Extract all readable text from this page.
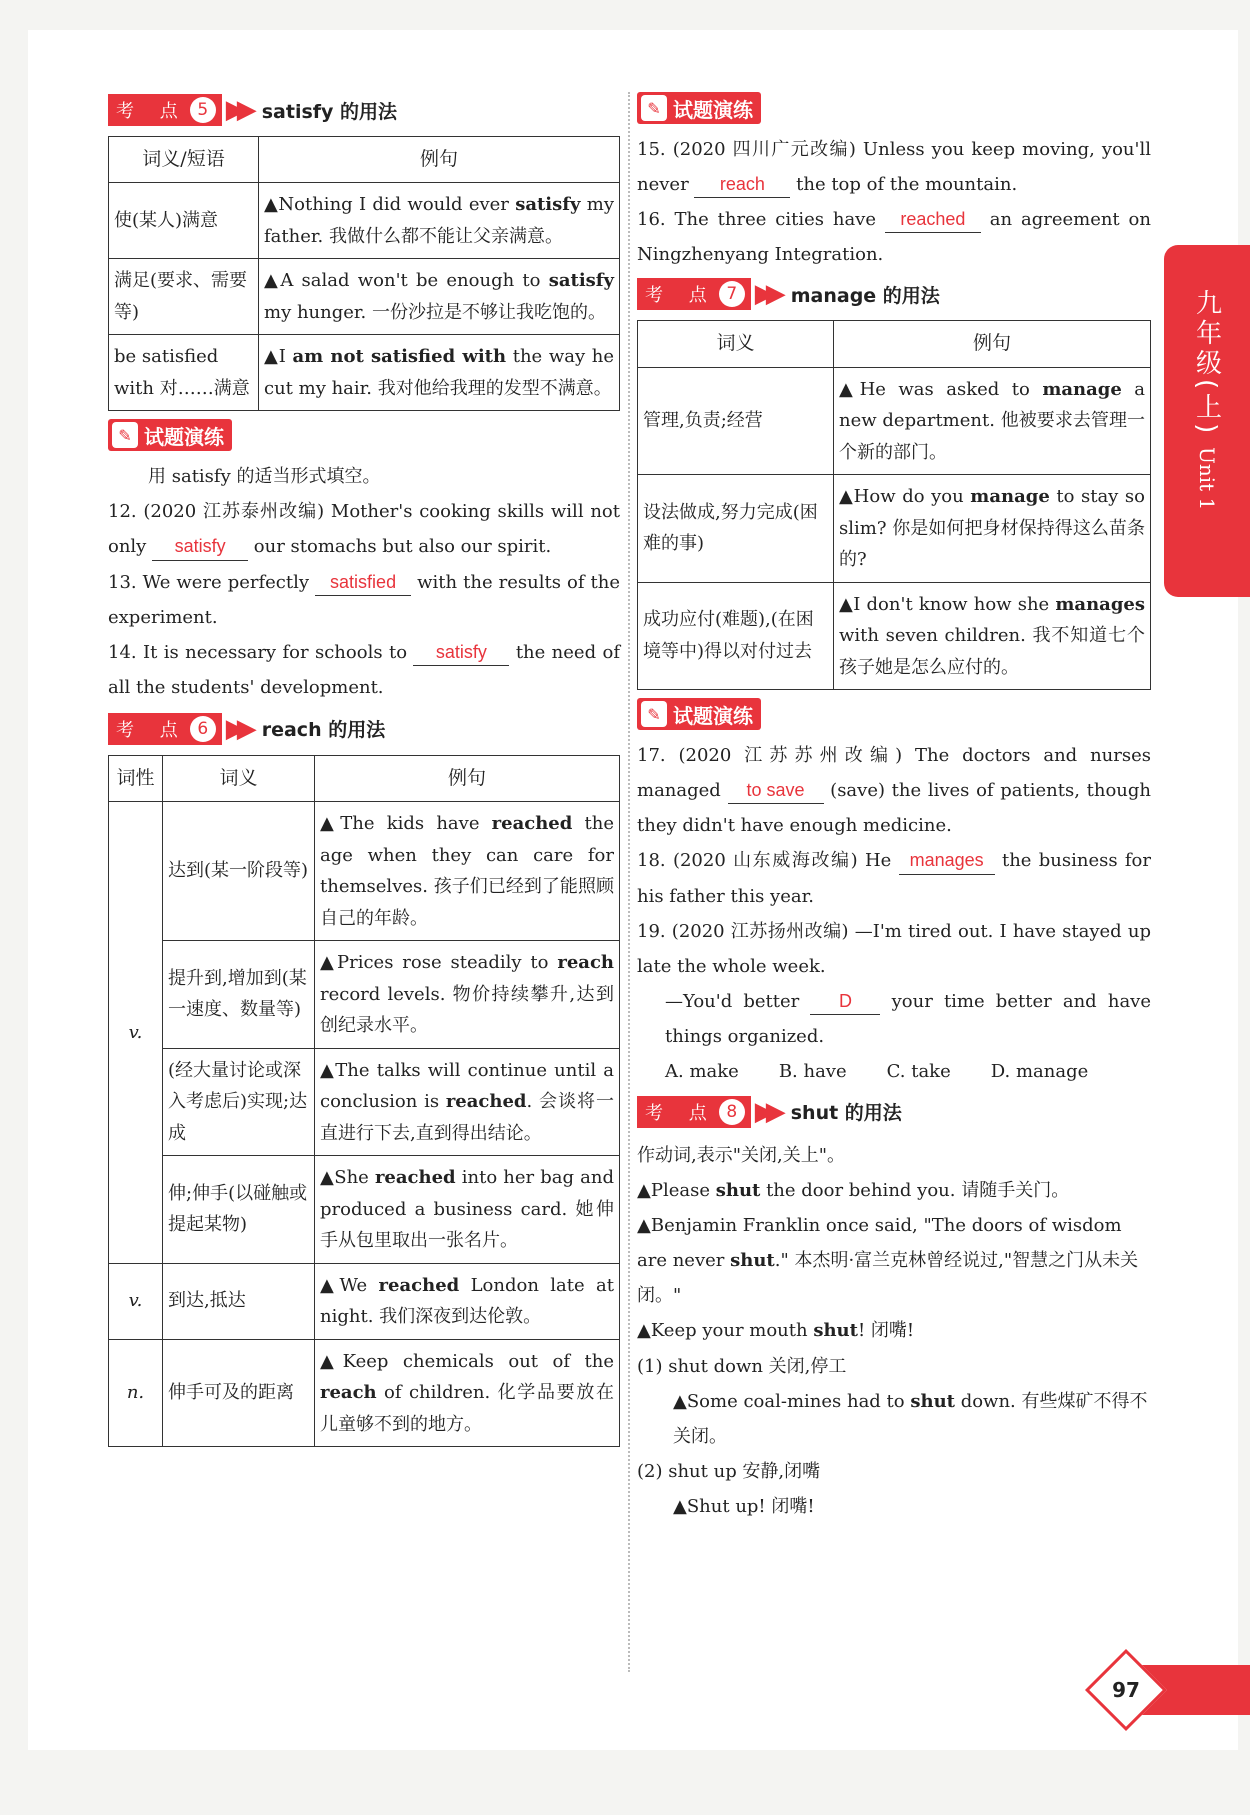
考 点 5 ▶▶ satisfy 的用法
词义/短语	例句
使(某人)满意	▲Nothing I did would ever satisfy my father. 我做什么都不能让父亲满意。
满足(要求、需要等)	▲A salad won't be enough to satisfy my hunger. 一份沙拉是不够让我吃饱的。
be satisfied with 对……满意	▲I am not satisfied with the way he cut my hair. 我对他给我理的发型不满意。
✎ 试题演练
用 satisfy 的适当形式填空。
12. (2020 江苏泰州改编) Mother's cooking skills will not only satisfy our stomachs but also our spirit.
13. We were perfectly satisfied with the results of the experiment.
14. It is necessary for schools to satisfy the need of all the students' development.
考 点 6 ▶▶ reach 的用法
词性	词义	例句
v.	达到(某一阶段等)	▲The kids have reached the age when they can care for themselves. 孩子们已经到了能照顾自己的年龄。
	提升到,增加到(某一速度、数量等)	▲Prices rose steadily to reach record levels. 物价持续攀升,达到创纪录水平。
	(经大量讨论或深入考虑后)实现;达成	▲The talks will continue until a conclusion is reached. 会谈将一直进行下去,直到得出结论。
	伸;伸手(以碰触或提起某物)	▲She reached into her bag and produced a business card. 她伸手从包里取出一张名片。
v.	到达,抵达	▲We reached London late at night. 我们深夜到达伦敦。
n.	伸手可及的距离	▲Keep chemicals out of the reach of children. 化学品要放在儿童够不到的地方。
✎ 试题演练
15. (2020 四川广元改编) Unless you keep moving, you'll never reach the top of the mountain.
16. The three cities have reached an agreement on Ningzhenyang Integration.
考 点 7 ▶▶ manage 的用法
词义	例句
管理,负责;经营	▲He was asked to manage a new department. 他被要求去管理一个新的部门。
设法做成,努力完成(困难的事)	▲How do you manage to stay so slim? 你是如何把身材保持得这么苗条的?
成功应付(难题),(在困境等中)得以对付过去	▲I don't know how she manages with seven children. 我不知道七个孩子她是怎么应付的。
✎ 试题演练
17. (2020 江苏苏州改编) The doctors and nurses managed to save (save) the lives of patients, though they didn't have enough medicine.
18. (2020 山东威海改编) He manages the business for his father this year.
19. (2020 江苏扬州改编) —I'm tired out. I have stayed up late the whole week.
—You'd better D your time better and have things organized.
A. make B. have C. take D. manage
考 点 8 ▶▶ shut 的用法
作动词,表示"关闭,关上"。
▲Please shut the door behind you. 请随手关门。
▲Benjamin Franklin once said, "The doors of wisdom are never shut." 本杰明·富兰克林曾经说过,"智慧之门从未关闭。"
▲Keep your mouth shut! 闭嘴!
(1) shut down 关闭,停工
▲Some coal-mines had to shut down. 有些煤矿不得不关闭。
(2) shut up 安静,闭嘴
▲Shut up! 闭嘴!
九年级(上)
Unit 1
97
